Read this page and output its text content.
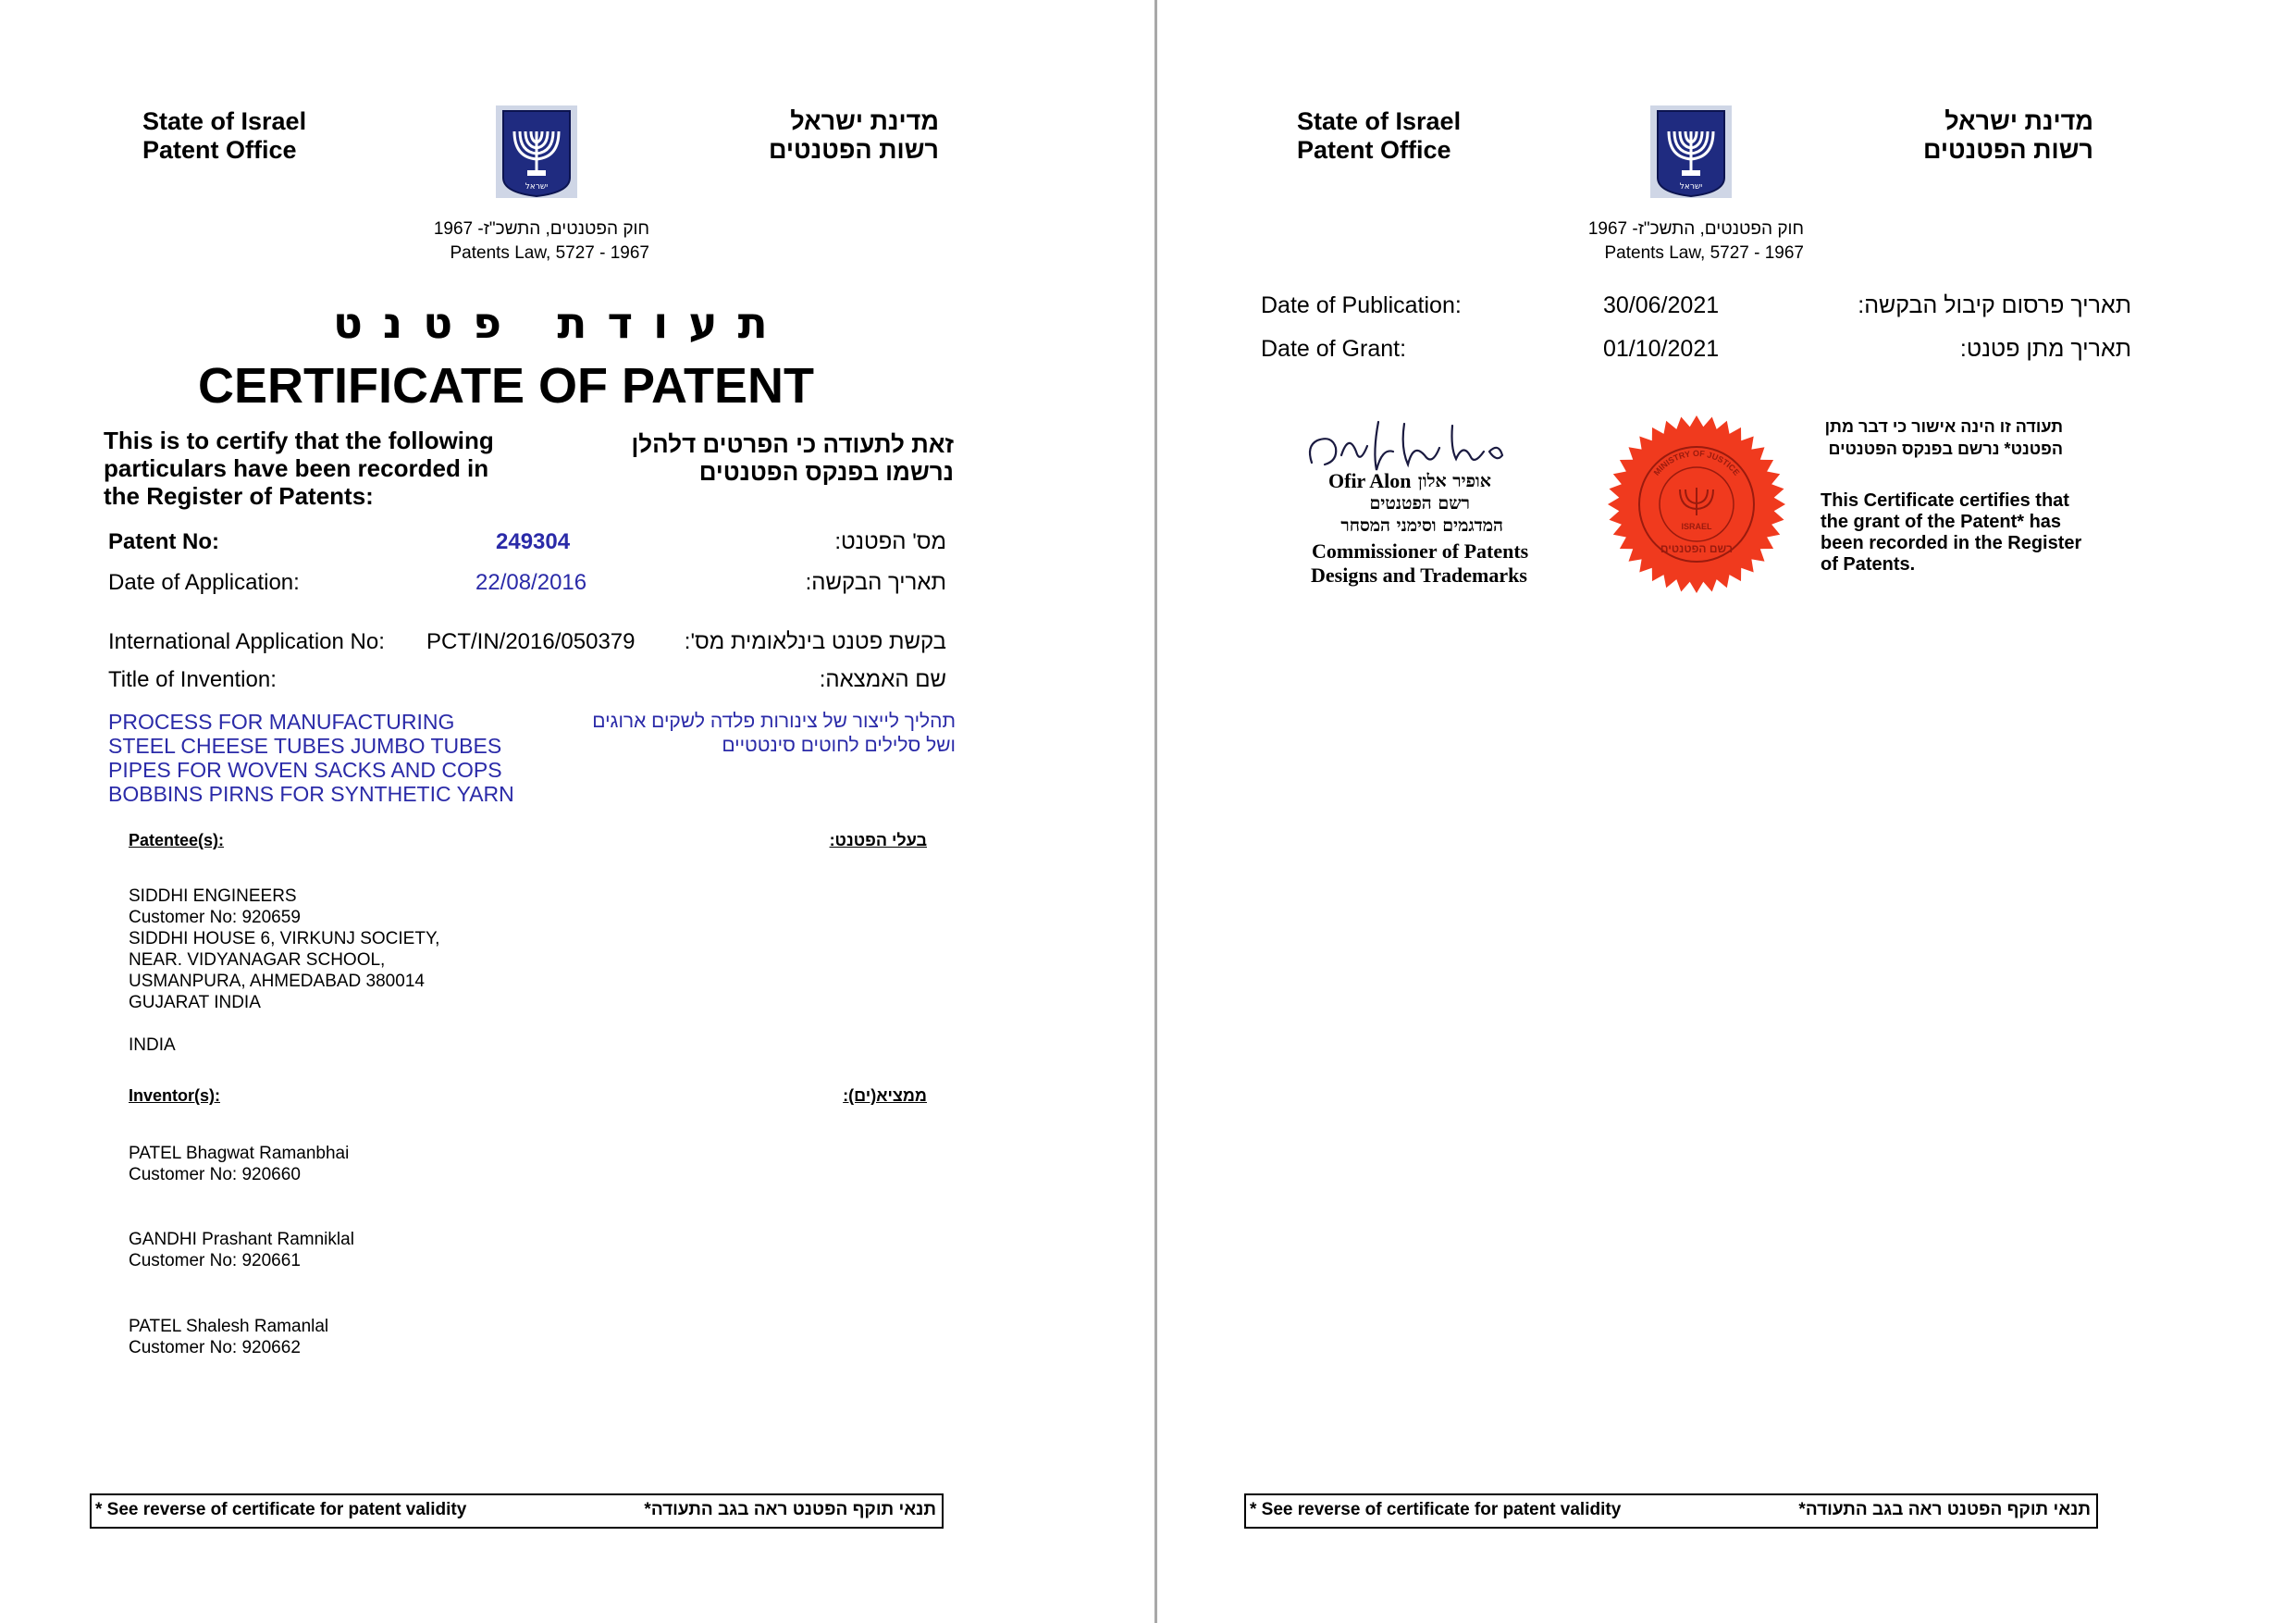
State of Israel
Patent Office
ישראל
מדינת ישראל
רשות הפטנטים
חוק הפטנטים, התשכ"ז- 1967
Patents Law, 5727 - 1967
תעודת פטנט
CERTIFICATE OF PATENT
This is to certify that the following
particulars have been recorded in
the Register of Patents:
זאת לתעודה כי הפרטים דלהלן
נרשמו בפנקס הפטנטים
Patent No:	249304	מס' הפטנט:
Date of Application:	22/08/2016	תאריך הבקשה:
International Application No: PCT/IN/2016/050379 בקשת פטנט בינלאומית מס':
Title of Invention:	שם האמצאה:
PROCESS FOR MANUFACTURING
STEEL CHEESE TUBES JUMBO TUBES
PIPES FOR WOVEN SACKS AND COPS
BOBBINS PIRNS FOR SYNTHETIC YARN
תהליך לייצור של צינורות פלדה לשקים ארוגים
ושל סלילים לחוטים סינטטיים
Patentee(s):	בעלי הפטנט:
SIDDHI ENGINEERS
Customer No: 920659
SIDDHI HOUSE 6, VIRKUNJ SOCIETY,
NEAR. VIDYANAGAR SCHOOL,
USMANPURA, AHMEDABAD 380014
GUJARAT INDIA
INDIA
Inventor(s):	ממציא(ים):
PATEL Bhagwat Ramanbhai
Customer No: 920660
GANDHI Prashant Ramniklal
Customer No: 920661
PATEL Shalesh Ramanlal
Customer No: 920662
* See reverse of certificate for patent validity	תנאי תוקף הפטנט ראה בגב התעודה*
State of Israel
Patent Office
ישראל
מדינת ישראל
רשות הפטנטים
חוק הפטנטים, התשכ"ז- 1967
Patents Law, 5727 - 1967
Date of Publication:	30/06/2021	תאריך פרסום קיבול הבקשה:
Date of Grant:	01/10/2021	תאריך מתן פטנט:
Ofir Alon אופיר אלון
רשם הפטנטים
המדגמים וסימני המסחר
Commissioner of Patents
Designs and Trademarks
MINISTRY OF JUSTICE
ISRAEL
רשם הפטנטים
תעודה זו הינה אישור כי דבר מתן
הפטנט* נרשם בפנקס הפטנטים
This Certificate certifies that
the grant of the Patent* has
been recorded in the Register
of Patents.
* See reverse of certificate for patent validity	תנאי תוקף הפטנט ראה בגב התעודה*
